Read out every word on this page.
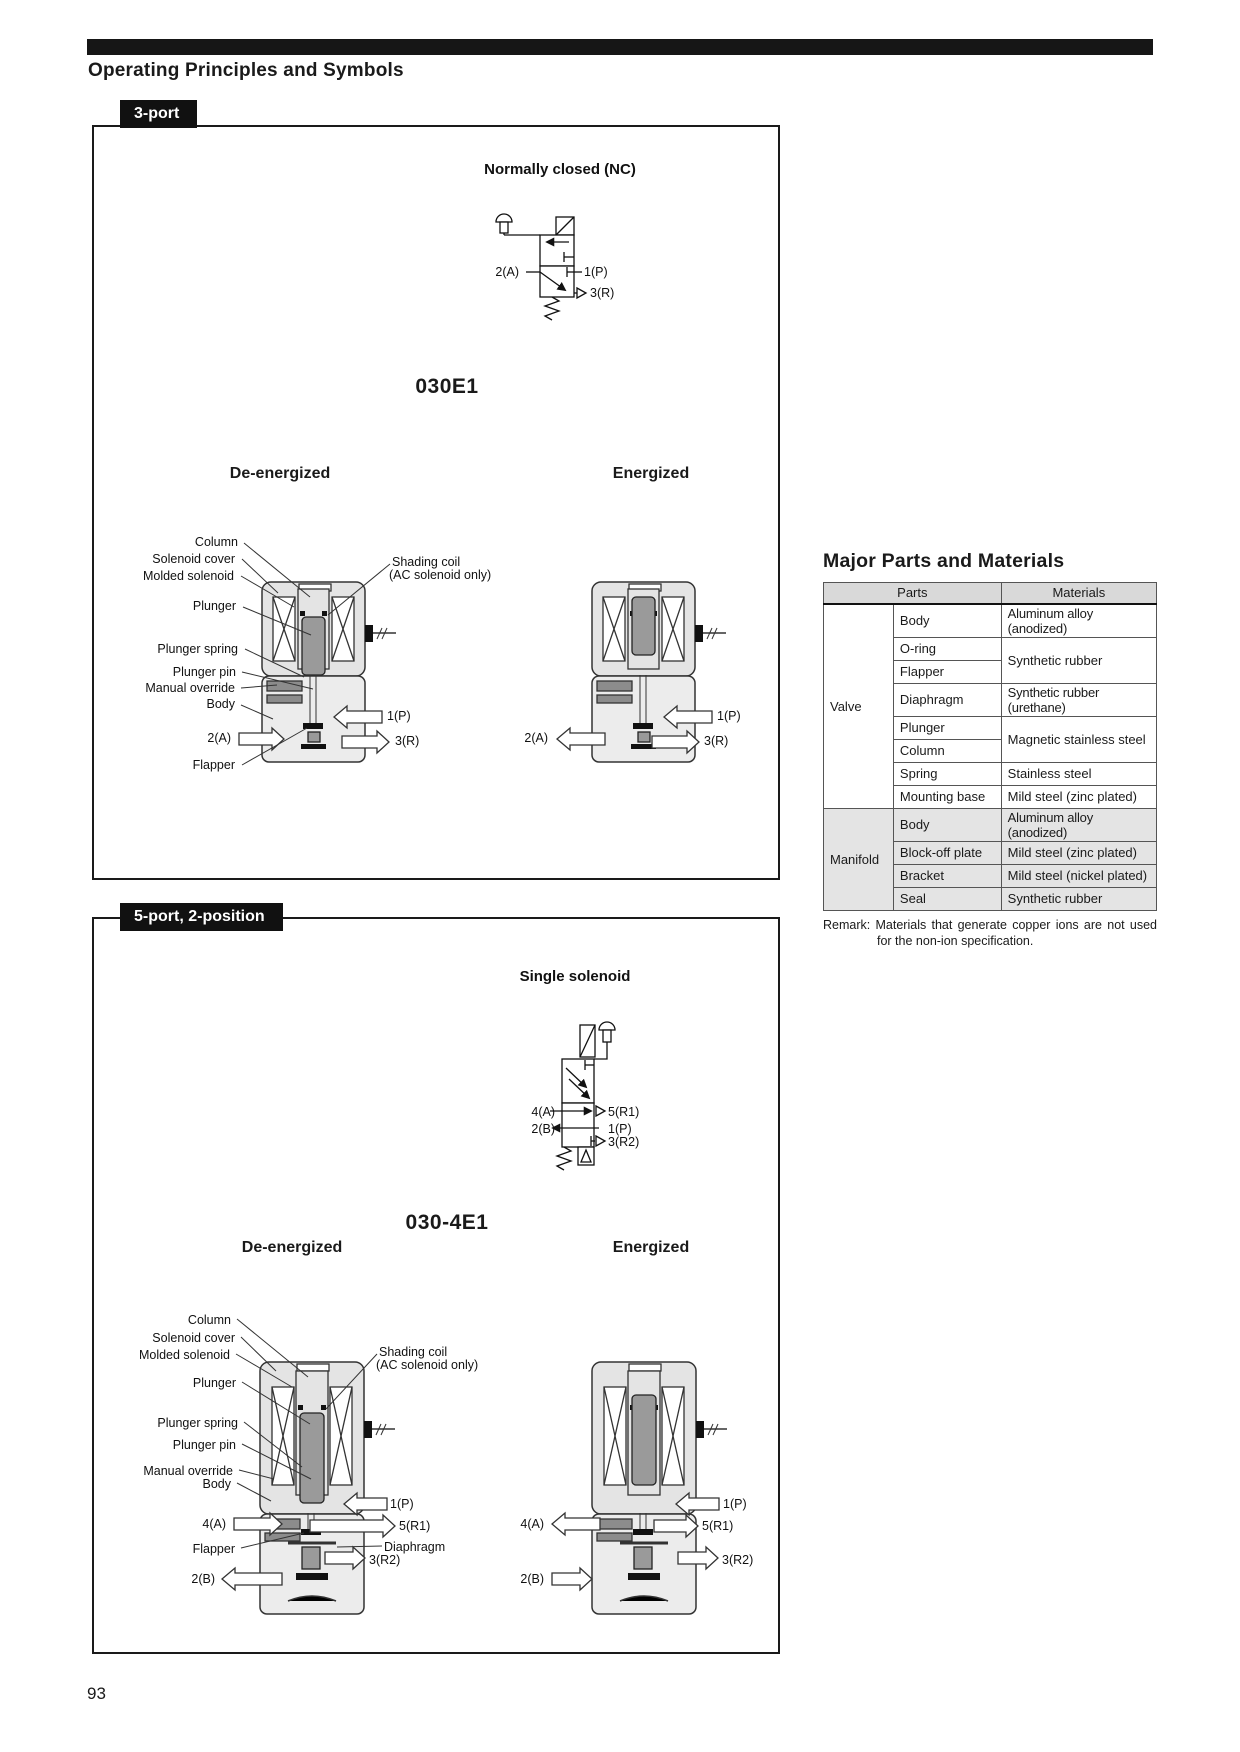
Operating Principles and Symbols
3-port
Normally closed (NC)
2(A)	1(P)
3(R)
030E1
De-energized	Energized
Column
Solenoid cover
Molded solenoid
Plunger
Plunger spring
Plunger pin
Manual override
Body
Flapper
Shading coil
(AC solenoid only)
2(A)
1(P)
3(R)	2(A)
1(P)
3(R)
Major Parts and Materials
Parts		Materials
Valve	Body	Aluminum alloy (anodized)
	O-ring	Synthetic rubber
	Flapper	
	Diaphragm	Synthetic rubber (urethane)
	Plunger	Magnetic stainless steel
	Column	
	Spring	Stainless steel
	Mounting base	Mild steel (zinc plated)
Manifold	Body	Aluminum alloy (anodized)
	Block-off plate	Mild steel (zinc plated)
	Bracket	Mild steel (nickel plated)
	Seal	Synthetic rubber
Remark: Materials that generate copper ions are not used for the non-ion specification.
5-port, 2-position
Single solenoid
4(A)	5(R1)
2(B)	1(P)
3(R2)
030-4E1
De-energized	Energized
Column
Solenoid cover
Molded solenoid
Plunger
Plunger spring
Plunger pin
Manual override
Body
Flapper
Shading coil
(AC solenoid only)
Diaphragm
4(A)
2(B)
1(P)
5(R1)
3(R2)
4(A)
2(B)
1(P)
5(R1)
3(R2)
93
